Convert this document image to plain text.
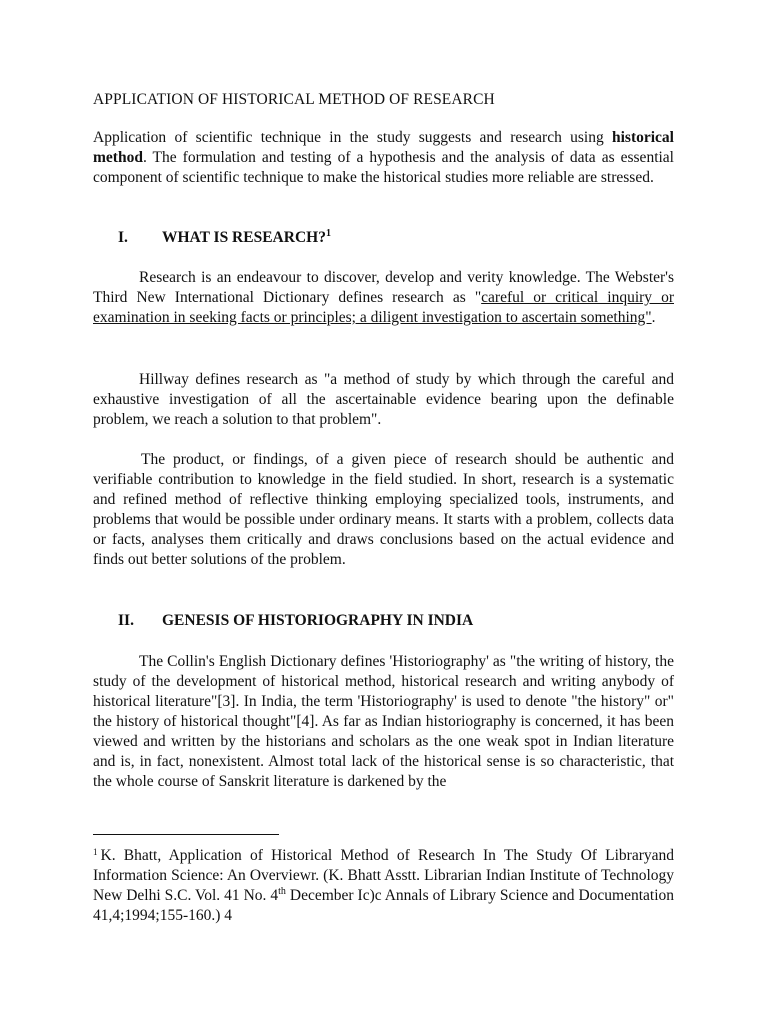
APPLICATION OF HISTORICAL METHOD OF RESEARCH
Application of scientific technique in the study suggests and research using historical method. The formulation and testing of a hypothesis and the analysis of data as essential component of scientific technique to make the historical studies more reliable are stressed.
I. WHAT IS RESEARCH?$^1$
Research is an endeavour to discover, develop and verity knowledge. The Webster's Third New International Dictionary defines research as "careful or critical inquiry or examination in seeking facts or principles; a diligent investigation to ascertain something".
Hillway defines research as "a method of study by which through the careful and exhaustive investigation of all the ascertainable evidence bearing upon the definable problem, we reach a solution to that problem".
The product, or findings, of a given piece of research should be authentic and verifiable contribution to knowledge in the field studied. In short, research is a systematic and refined method of reflective thinking employing specialized tools, instruments, and problems that would be possible under ordinary means. It starts with a problem, collects data or facts, analyses them critically and draws conclusions based on the actual evidence and finds out better solutions of the problem.
II. GENESIS OF HISTORIOGRAPHY IN INDIA
The Collin's English Dictionary defines 'Historiography' as "the writing of history, the study of the development of historical method, historical research and writing anybody of historical literature"[3]. In India, the term 'Historiography' is used to denote "the history" or" the history of historical thought"[4]. As far as Indian historiography is concerned, it has been viewed and written by the historians and scholars as the one weak spot in Indian literature and is, in fact, nonexistent. Almost total lack of the historical sense is so characteristic, that the whole course of Sanskrit literature is darkened by the
$^1$ K. Bhatt, Application of Historical Method of Research In The Study Of Libraryand Information Science: An Overviewr. (K. Bhatt Asstt. Librarian Indian Institute of Technology New Delhi S.C. Vol. 41 No. 4th December Ic)c Annals of Library Science and Documentation 41,4;1994;155-160.) 4
